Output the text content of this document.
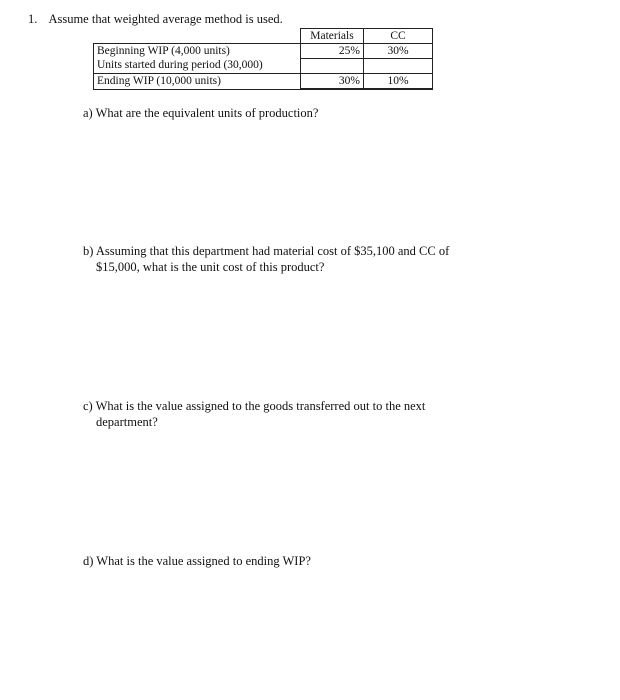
1. Assume that weighted average method is used.
	Materials	CC
Beginning WIP (4,000 units)	25%	30%
Units started during period (30,000)		
Ending WIP (10,000 units)	30%	10%
a) What are the equivalent units of production?
b) Assuming that this department had material cost of $35,100 and CC of
$15,000, what is the unit cost of this product?
c) What is the value assigned to the goods transferred out to the next
department?
d) What is the value assigned to ending WIP?
